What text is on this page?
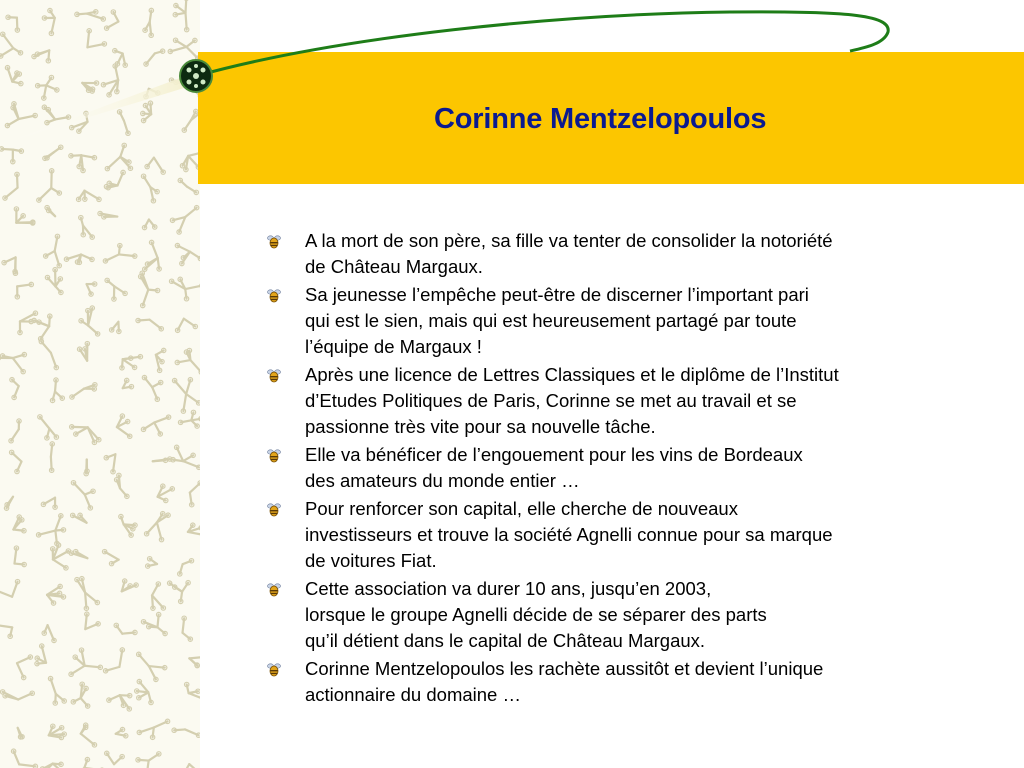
Corinne Mentzelopoulos
A la mort de son père, sa fille va tenter de consolider la notoriété
de Château Margaux.
Sa jeunesse l’empêche peut-être de discerner l’important pari
qui est le sien, mais qui est heureusement partagé par toute
l’équipe de Margaux !
Après une licence de Lettres Classiques et le diplôme de l’Institut
d’Etudes Politiques de Paris, Corinne se met au travail et se
passionne très vite pour sa nouvelle tâche.
Elle va bénéficer de l’engouement pour les vins de Bordeaux
des amateurs du monde entier …
Pour renforcer son capital, elle cherche de nouveaux
investisseurs et trouve la société Agnelli connue pour sa marque
de voitures Fiat.
Cette association va durer 10 ans, jusqu’en 2003,
lorsque le groupe Agnelli décide de se séparer des parts
qu’il détient dans le capital de Château Margaux.
Corinne Mentzelopoulos les rachète aussitôt et devient l’unique
actionnaire du domaine …
